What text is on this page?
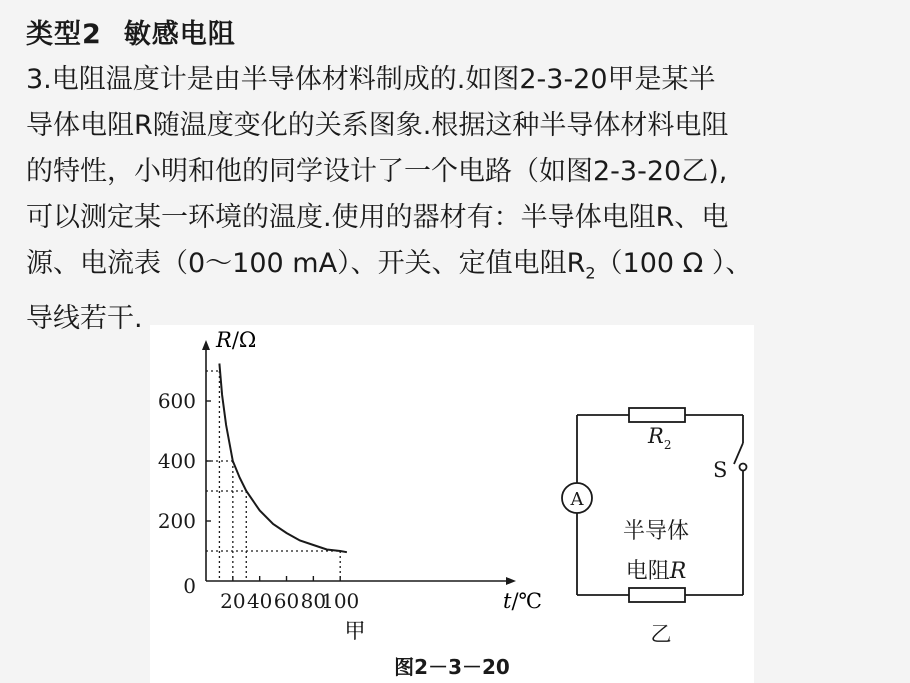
类型2 敏感电阻
3.电阻温度计是由半导体材料制成的.如图2-3-20甲是某半
导体电阻R随温度变化的关系图象.根据这种半导体材料电阻
的特性，小明和他的同学设计了一个电路（如图2-3-20乙),
可以测定某一环境的温度.使用的器材有：半导体电阻R、电
源、电流表（0～100 mA）、开关、定值电阻$R_2(100$ Ω ）、
导线若干.
20 40 60 80
100
0
200
400
600
R/Ω
t/℃
甲
$R_2$
S
A
半导体
电阻R
乙
图2－3－20
